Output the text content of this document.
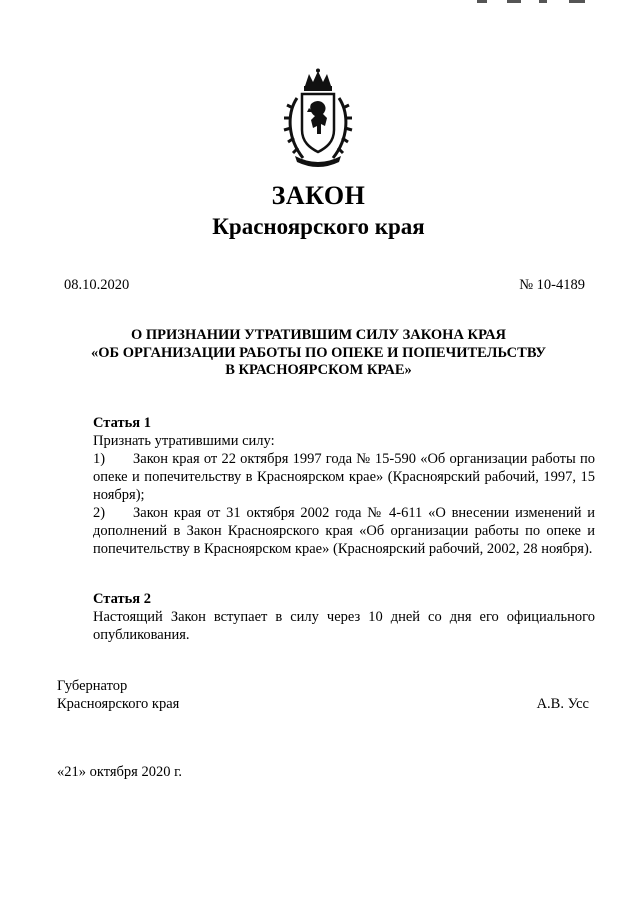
ЗАКОН
Красноярского края
08.10.2020	№ 10-4189
О ПРИЗНАНИИ УТРАТИВШИМ СИЛУ ЗАКОНА КРАЯ
«ОБ ОРГАНИЗАЦИИ РАБОТЫ ПО ОПЕКЕ И ПОПЕЧИТЕЛЬСТВУ
В КРАСНОЯРСКОМ КРАЕ»
Статья 1
Признать утратившими силу:
1) Закон края от 22 октября 1997 года № 15-590 «Об организации работы по опеке и попечительству в Красноярском крае» (Красноярский рабочий, 1997, 15 ноября);
2) Закон края от 31 октября 2002 года № 4-611 «О внесении изменений и дополнений в Закон Красноярского края «Об организации работы по опеке и попечительству в Красноярском крае» (Красноярский рабочий, 2002, 28 ноября).
Статья 2
Настоящий Закон вступает в силу через 10 дней со дня его официального опубликования.
Губернатор
Красноярского края	А.В. Усс
«21» октября 2020 г.
